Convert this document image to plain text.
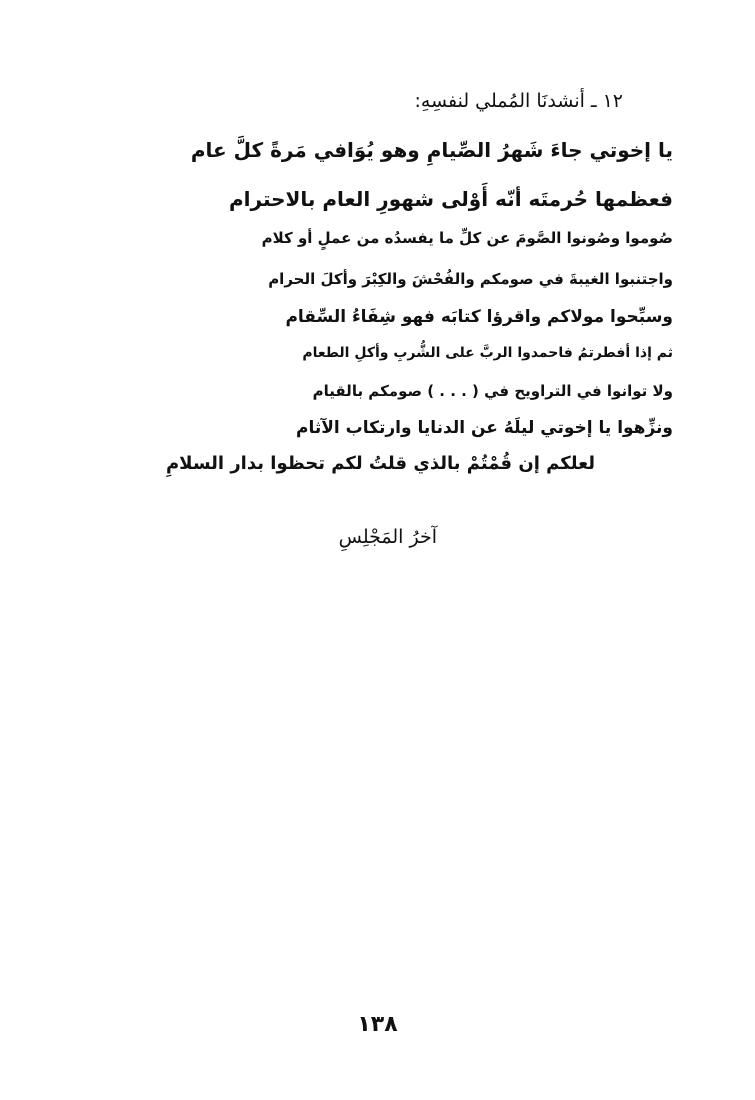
١٢ ـ أنشدنَا المُملي لنفسِهِ:
يا إخوتي جاءَ شَهرُ الصِّيامِ وهو يُوَافي مَرةً كلَّ عام
فعظمها حُرمتَه أنّه أَوْلى شهورِ العام بالاحترام
صُوموا وصُونوا الصَّومَ عن كلِّ ما يفسدُه من عملٍ أو كلام
واجتنبوا الغيبةَ في صومكم والفُحْشَ والكِبْرَ وأكلَ الحرام
وسبِّحوا مولاكم واقرؤا كتابَه فهو شِفَاءُ السِّقام
ثم إذا أفطرتمُ فاحمدوا الربَّ على الشُّربِ وأكلِ الطعام
ولا توانوا في التراويح في ( . . . ) صومكم بالقيام
ونزِّهوا يا إخوتي ليلَهُ عن الدنايا وارتكاب الآثام
لعلكم إن قُمْتُمْ بالذي قلتُ لكم تحظوا بدار السلامِ
آخرُ المَجْلِسِ
١٣٨
